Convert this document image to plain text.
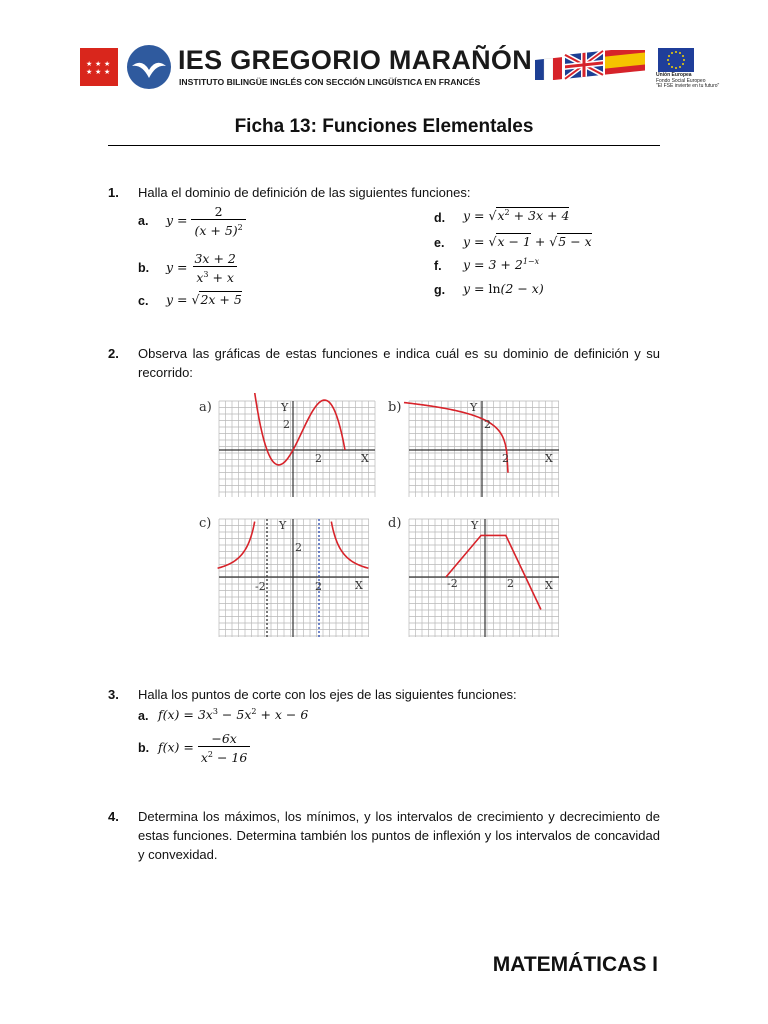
★ ★ ★
★ ★ ★	IES GREGORIO MARAÑÓN
INSTITUTO BILINGÜE INGLÉS CON SECCIÓN LINGÜÍSTICA EN FRANCÉS
Unión Europea
Fondo Social Europeo
"El FSE invierte en tu futuro"
Ficha 13: Funciones Elementales
1. Halla el dominio de definición de las siguientes funciones:
a. $y = \frac{2}{(x + 5)^2}$
b. $y = \frac{3x + 2}{x^3 + x}$
c. y = √2x + 5
d. $y = √x^2 + 3x + 4$
e. y = √x − 1 + √5 − x
f. $y = 3 + 2^{1-x}$
g. y = ln(2 − x)
2. Observa las gráficas de estas funciones e indica cuál es su dominio de definición y su recorrido:
a)	Y
X
2
2
b)	Y
X
2
2
c)	Y
X
2
-2	2
d)	Y
X
-2	2
3. Halla los puntos de corte con los ejes de las siguientes funciones:
a. $f(x) = 3x^3 - 5x^2 + x - 6$
b. $f(x) = \frac{-6x}{x^2 - 16}$
4. Determina los máximos, los mínimos, y los intervalos de crecimiento y decrecimiento de estas funciones. Determina también los puntos de inflexión y los intervalos de concavidad y convexidad.
MATEMÁTICAS I
